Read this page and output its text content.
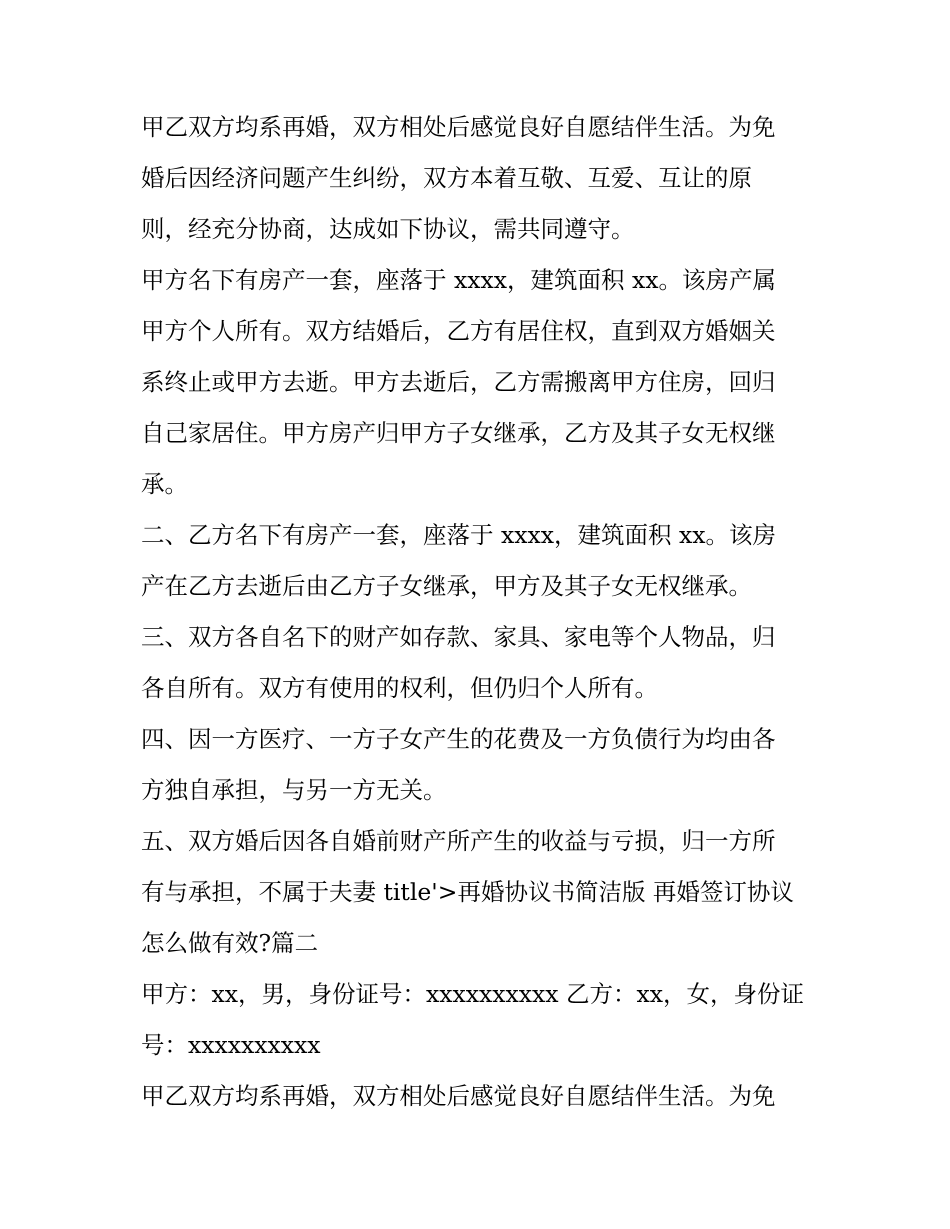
甲乙双方均系再婚，双方相处后感觉良好自愿结伴生活。为免
婚后因经济问题产生纠纷，双方本着互敬、互爱、互让的原
则，经充分协商，达成如下协议，需共同遵守。

甲方名下有房产一套，座落于 xxxx，建筑面积 xx。该房产属
甲方个人所有。双方结婚后，乙方有居住权，直到双方婚姻关
系终止或甲方去逝。甲方去逝后，乙方需搬离甲方住房，回归
自己家居住。甲方房产归甲方子女继承，乙方及其子女无权继
承。

二、乙方名下有房产一套，座落于 xxxx，建筑面积 xx。该房
产在乙方去逝后由乙方子女继承，甲方及其子女无权继承。

三、双方各自名下的财产如存款、家具、家电等个人物品，归
各自所有。双方有使用的权利，但仍归个人所有。

四、因一方医疗、一方子女产生的花费及一方负债行为均由各
方独自承担，与另一方无关。

五、双方婚后因各自婚前财产所产生的收益与亏损，归一方所
有与承担，不属于夫妻 title'>再婚协议书简洁版 再婚签订协议
怎么做有效?篇二

甲方：xx，男，身份证号：xxxxxxxxxx 乙方：xx，女，身份证
号：xxxxxxxxxx

甲乙双方均系再婚，双方相处后感觉良好自愿结伴生活。为免
